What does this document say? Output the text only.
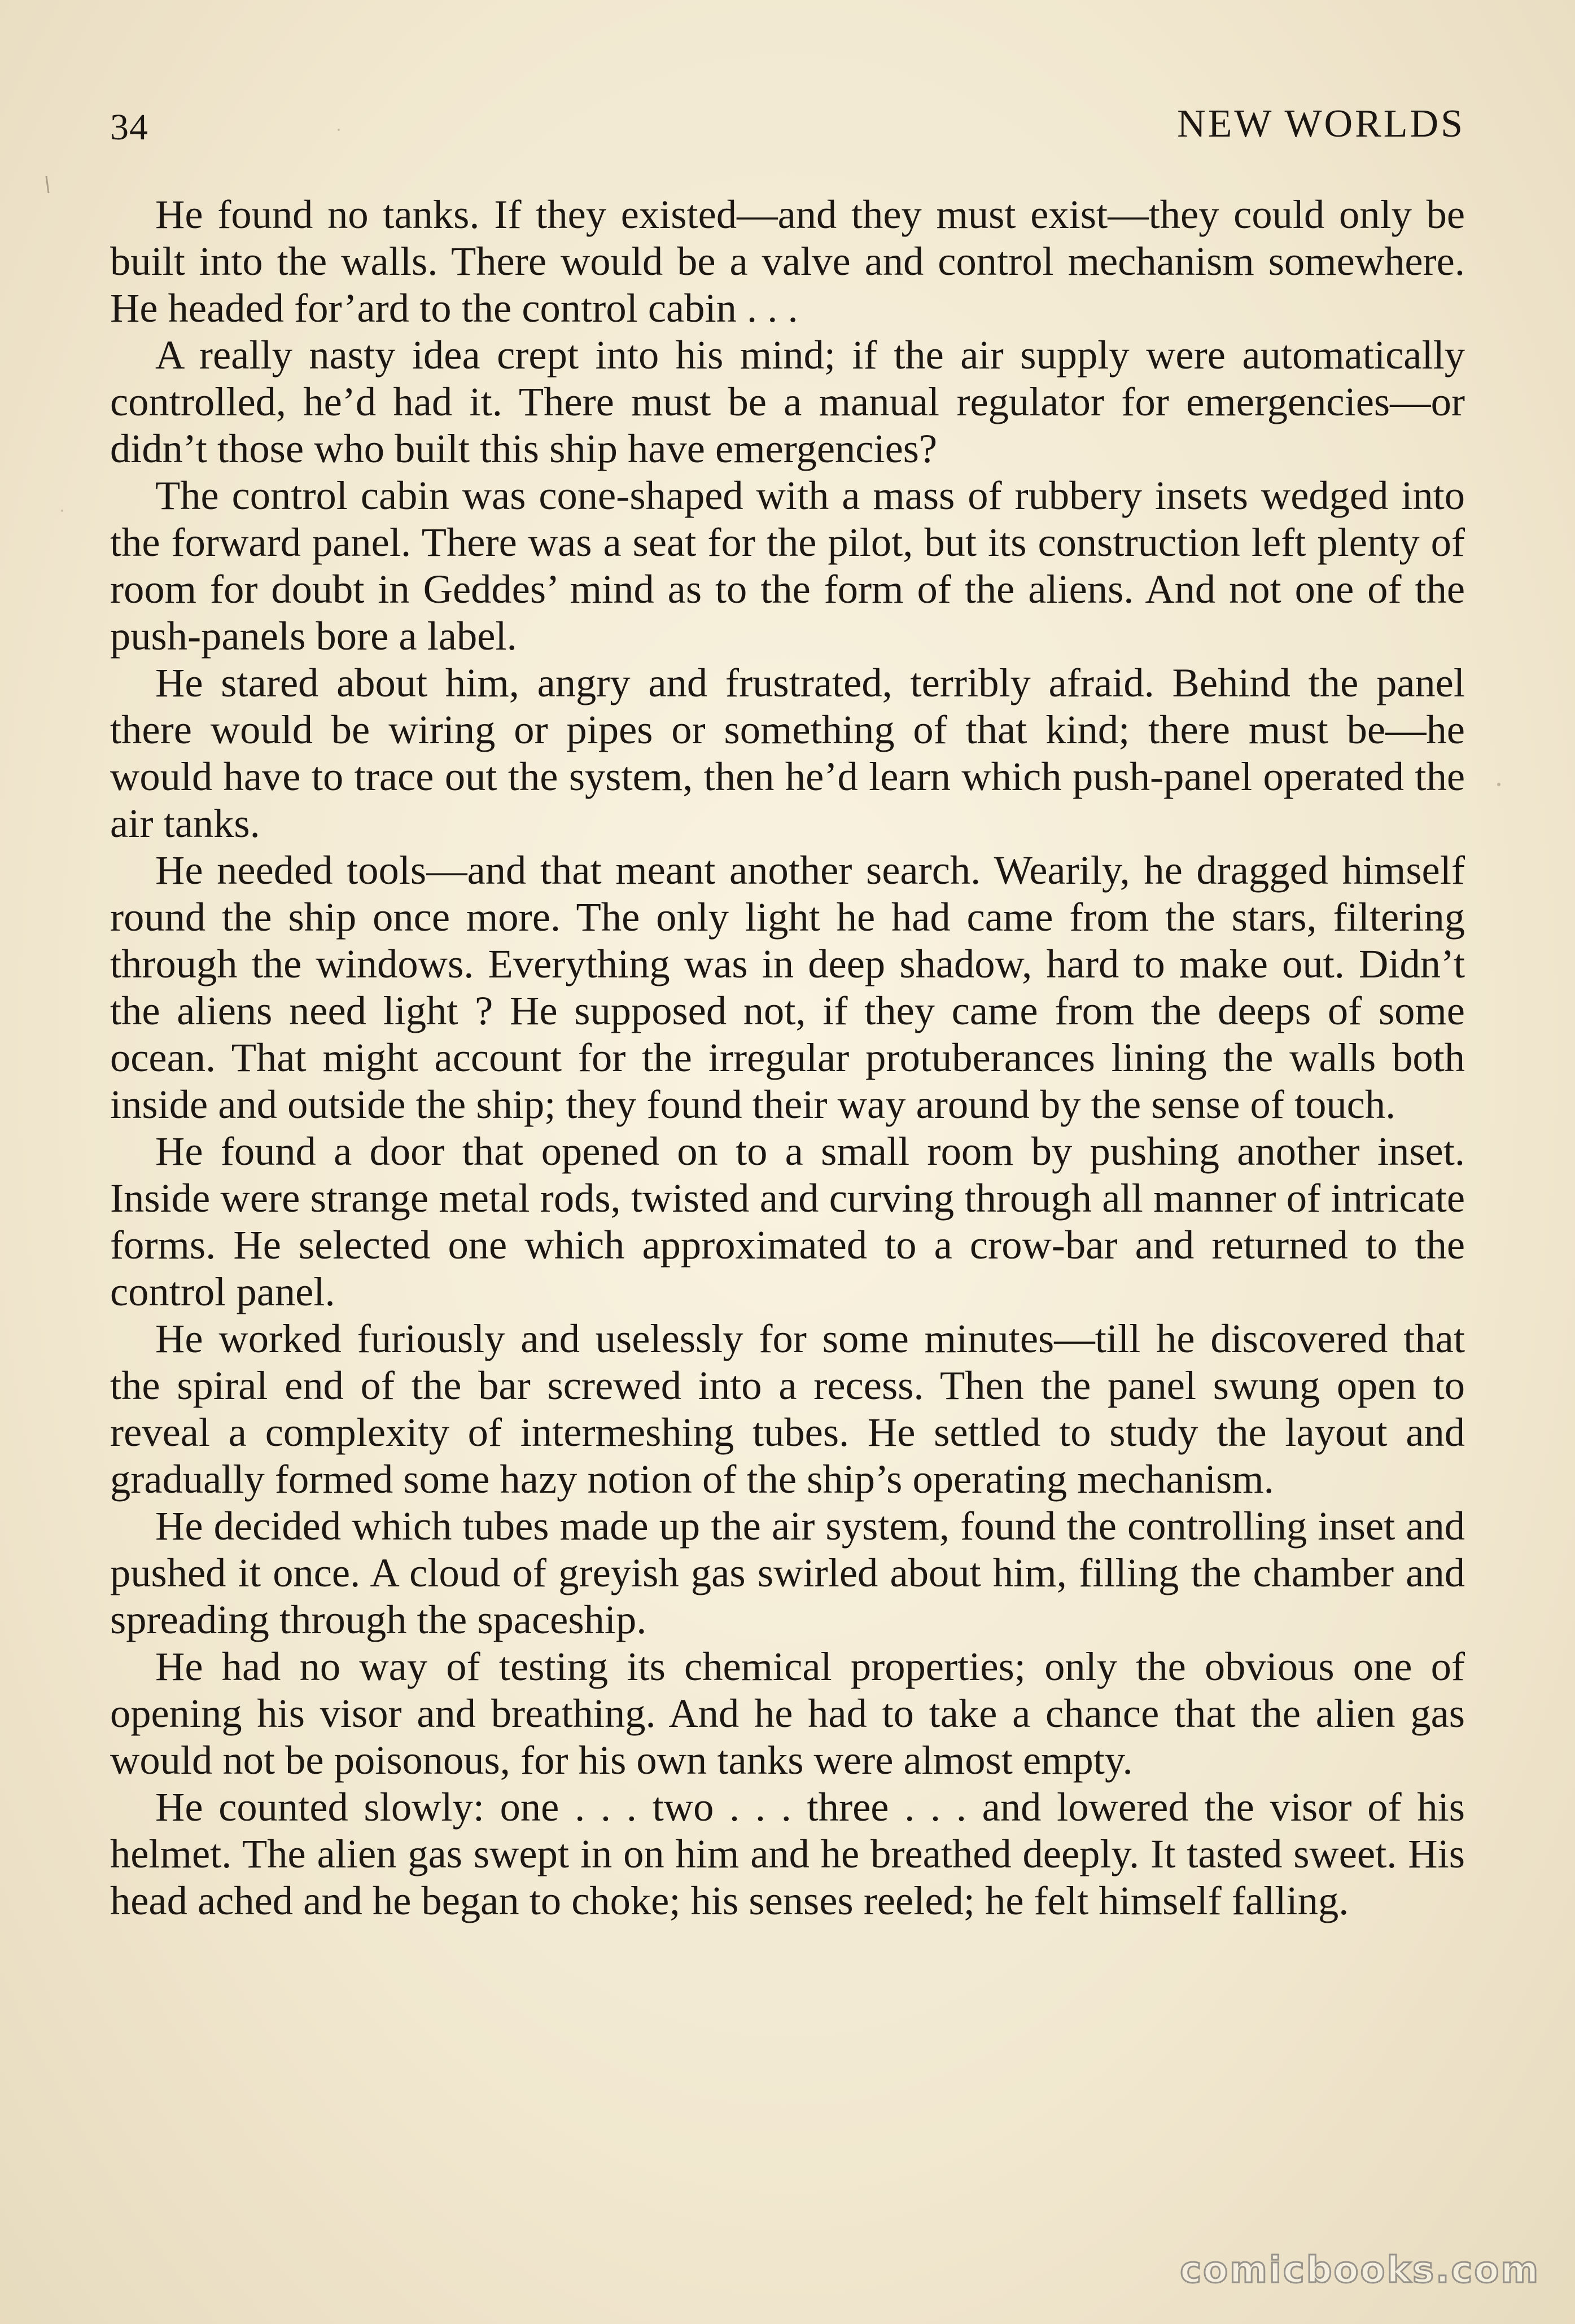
34	NEW WORLDS

He found no tanks. If they existed—and they must exist—they could only be built into the walls. There would be a valve and control mechanism somewhere. He headed for’ard to the control cabin . . .

A really nasty idea crept into his mind; if the air supply were automatically controlled, he’d had it. There must be a manual regulator for emergencies—or didn’t those who built this ship have emergencies?

The control cabin was cone-shaped with a mass of rubbery insets wedged into the forward panel. There was a seat for the pilot, but its construction left plenty of room for doubt in Geddes’ mind as to the form of the aliens. And not one of the push-panels bore a label.

He stared about him, angry and frustrated, terribly afraid. Behind the panel there would be wiring or pipes or something of that kind; there must be—he would have to trace out the system, then he’d learn which push-panel operated the air tanks.

He needed tools—and that meant another search. Wearily, he dragged himself round the ship once more. The only light he had came from the stars, filtering through the windows. Everything was in deep shadow, hard to make out. Didn’t the aliens need light ? He supposed not, if they came from the deeps of some ocean. That might account for the irregular protuberances lining the walls both inside and outside the ship; they found their way around by the sense of touch.

He found a door that opened on to a small room by pushing another inset. Inside were strange metal rods, twisted and curving through all manner of intricate forms. He selected one which approximated to a crow-bar and returned to the control panel.

He worked furiously and uselessly for some minutes—till he discovered that the spiral end of the bar screwed into a recess. Then the panel swung open to reveal a complexity of intermeshing tubes. He settled to study the layout and gradually formed some hazy notion of the ship’s operating mechanism.

He decided which tubes made up the air system, found the controlling inset and pushed it once. A cloud of greyish gas swirled about him, filling the chamber and spreading through the spaceship.

He had no way of testing its chemical properties; only the obvious one of opening his visor and breathing. And he had to take a chance that the alien gas would not be poisonous, for his own tanks were almost empty.

He counted slowly: one . . . two . . . three . . . and lowered the visor of his helmet. The alien gas swept in on him and he breathed deeply. It tasted sweet. His head ached and he began to choke; his senses reeled; he felt himself falling.

comicbooks.com
